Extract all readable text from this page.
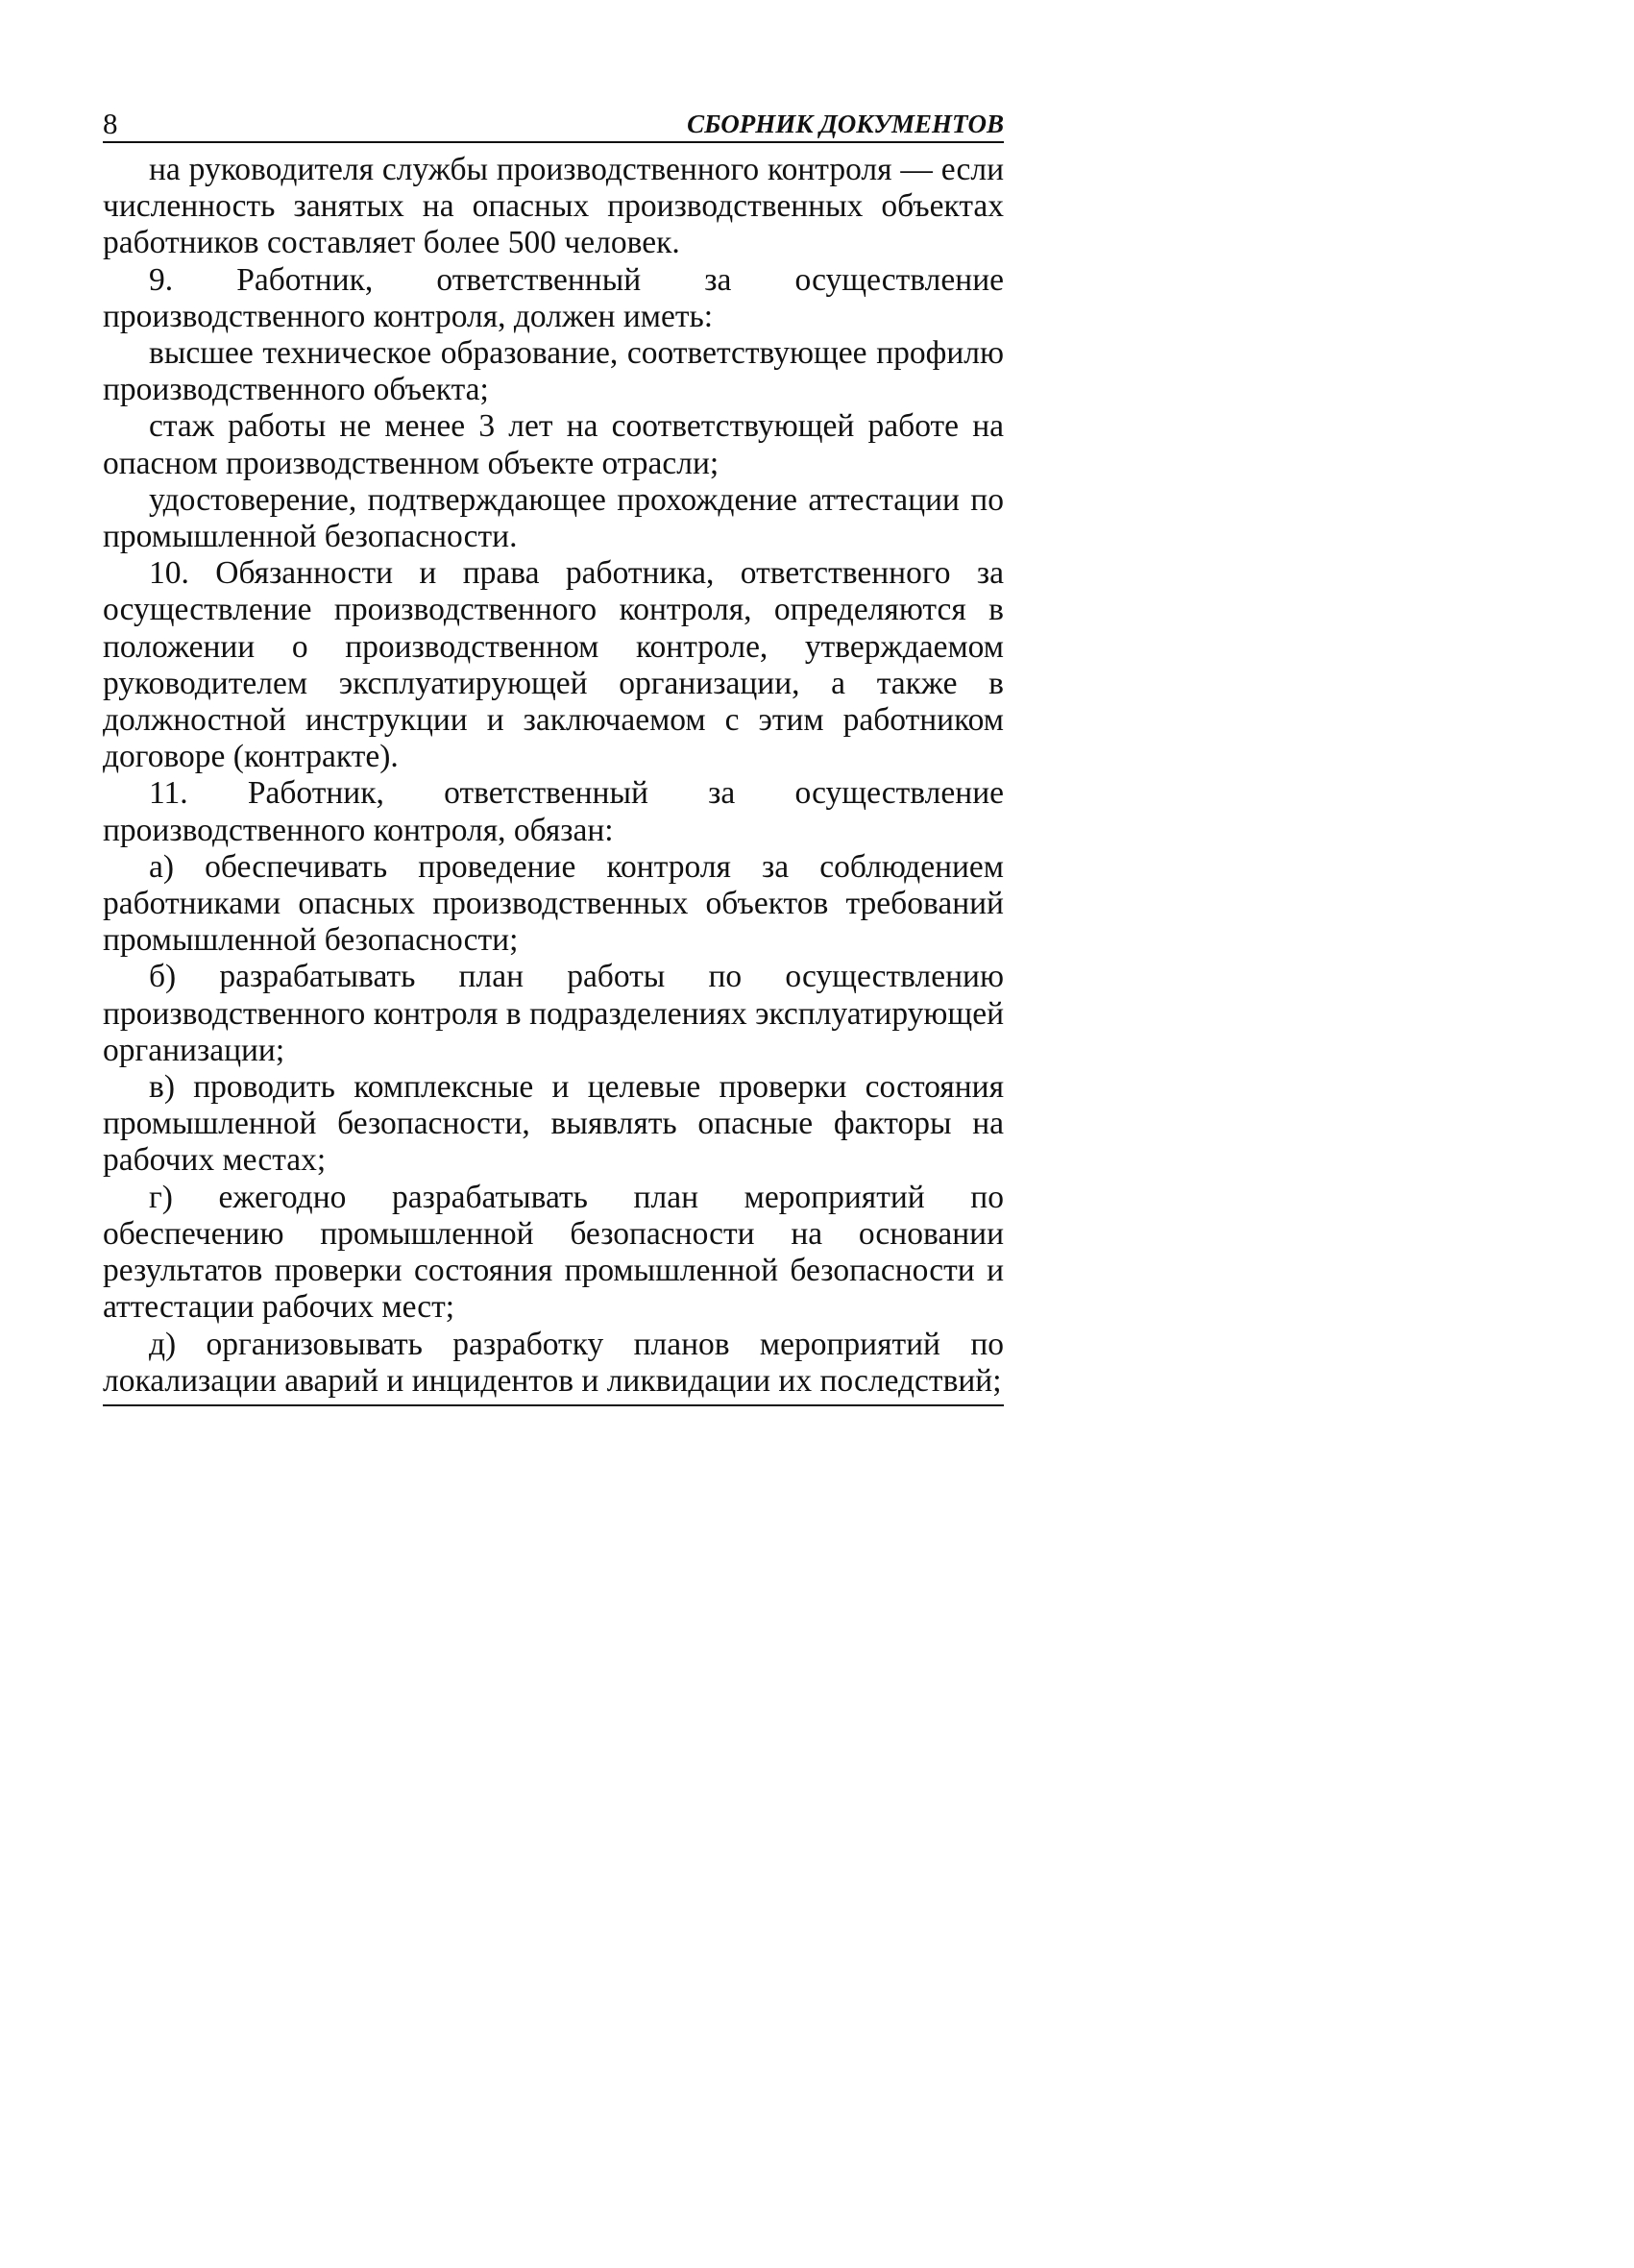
8	СБОРНИК ДОКУМЕНТОВ

на руководителя службы производственного контроля — если численность занятых на опасных производственных объектах работников составляет более 500 человек.

9. Работник, ответственный за осуществление производственного контроля, должен иметь:

высшее техническое образование, соответствующее профилю производственного объекта;

стаж работы не менее 3 лет на соответствующей работе на опасном производственном объекте отрасли;

удостоверение, подтверждающее прохождение аттестации по промышленной безопасности.

10. Обязанности и права работника, ответственного за осуществление производственного контроля, определяются в положении о производственном контроле, утверждаемом руководителем эксплуатирующей организации, а также в должностной инструкции и заключаемом с этим работником договоре (контракте).

11. Работник, ответственный за осуществление производственного контроля, обязан:

а) обеспечивать проведение контроля за соблюдением работниками опасных производственных объектов требований промышленной безопасности;

б) разрабатывать план работы по осуществлению производственного контроля в подразделениях эксплуатирующей организации;

в) проводить комплексные и целевые проверки состояния промышленной безопасности, выявлять опасные факторы на рабочих местах;

г) ежегодно разрабатывать план мероприятий по обеспечению промышленной безопасности на основании результатов проверки состояния промышленной безопасности и аттестации рабочих мест;

д) организовывать разработку планов мероприятий по локализации аварий и инцидентов и ликвидации их последствий;
